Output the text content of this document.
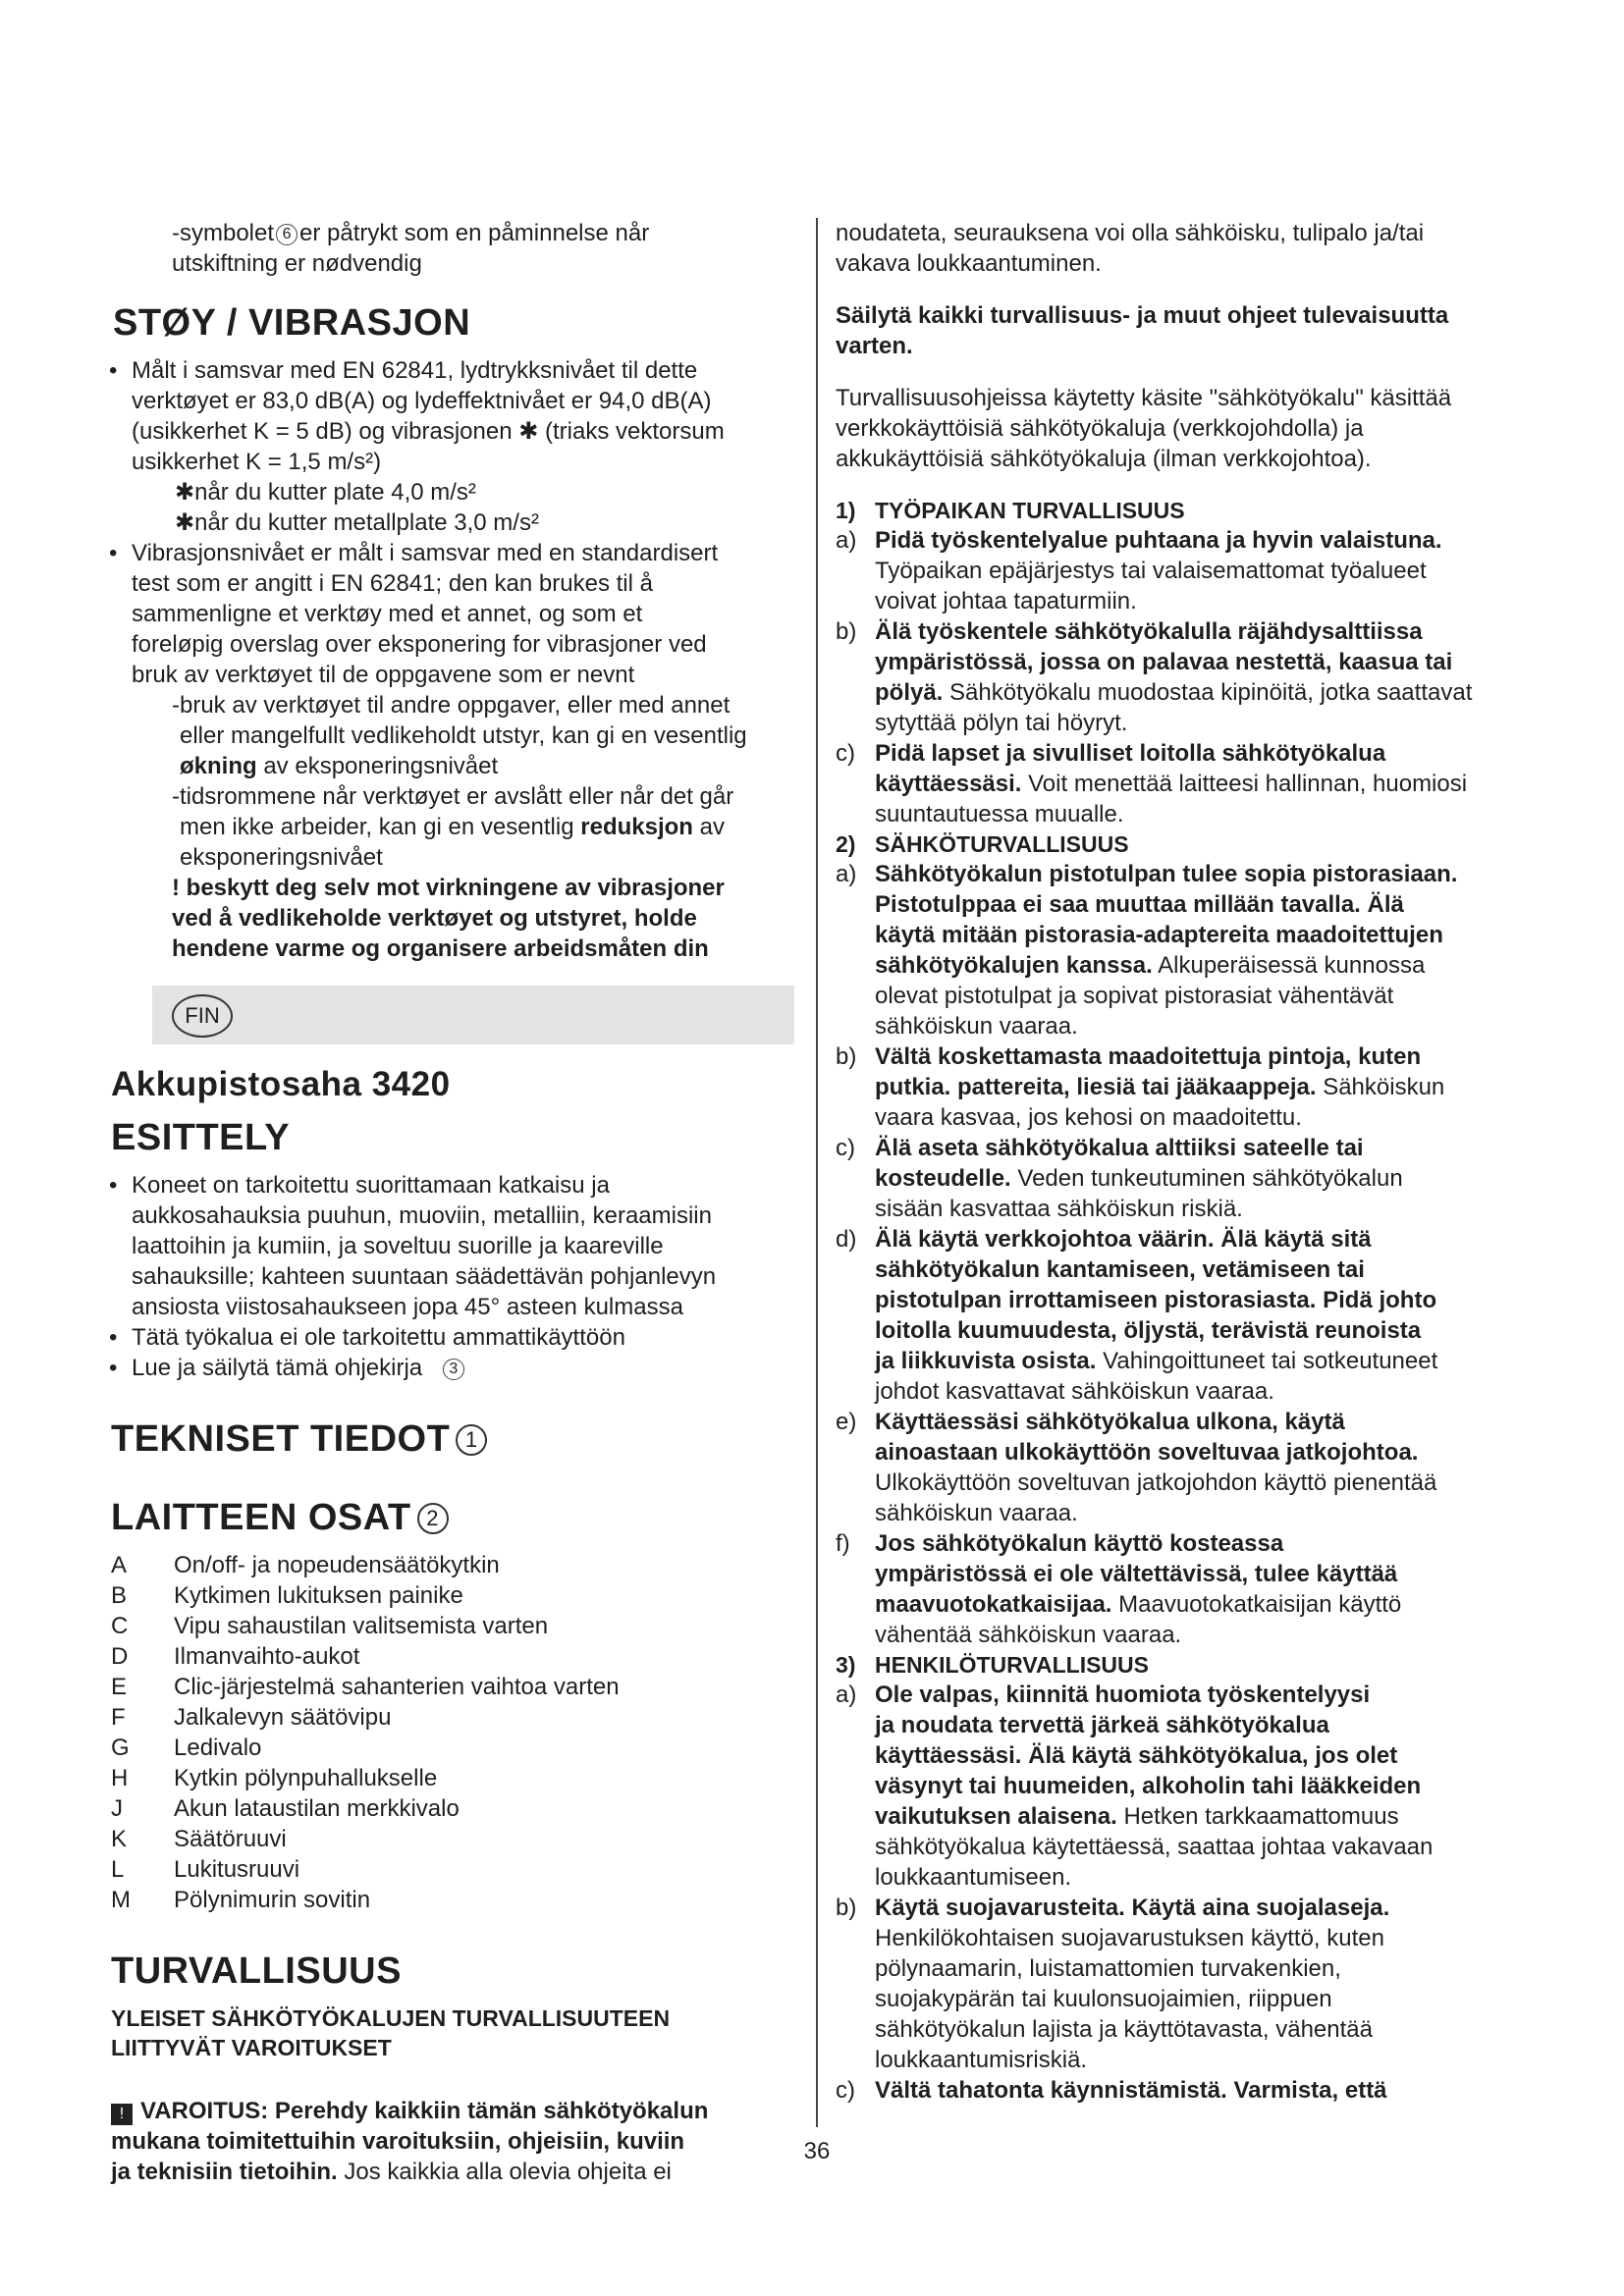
-symbolet 6 er påtrykt som en påminnelse når
utskiftning er nødvendig

STØY / VIBRASJON
• Målt i samsvar med EN 62841, lydtrykksnivået til dette
verktøyet er 83,0 dB(A) og lydeffektnivået er 94,0 dB(A)
(usikkerhet K = 5 dB) og vibrasjonen ✱ (triaks vektorsum
usikkerhet K = 1,5 m/s²)

✱når du kutter plate 4,0 m/s²

✱når du kutter metallplate 3,0 m/s²

• Vibrasjonsnivået er målt i samsvar med en standardisert
test som er angitt i EN 62841; den kan brukes til å
sammenligne et verktøy med et annet, og som et
foreløpig overslag over eksponering for vibrasjoner ved
bruk av verktøyet til de oppgavene som er nevnt

-bruk av verktøyet til andre oppgaver, eller med annet
eller mangelfullt vedlikeholdt utstyr, kan gi en vesentlig
økning av eksponeringsnivået

-tidsrommene når verktøyet er avslått eller når det går
men ikke arbeider, kan gi en vesentlig reduksjon av
eksponeringsnivået

! beskytt deg selv mot virkningene av vibrasjoner
ved å vedlikeholde verktøyet og utstyret, holde
hendene varme og organisere arbeidsmåten din

FIN
Akkupistosaha 3420
ESITTELY
• Koneet on tarkoitettu suorittamaan katkaisu ja
aukkosahauksia puuhun, muoviin, metalliin, keraamisiin
laattoihin ja kumiin, ja soveltuu suorille ja kaareville
sahauksille; kahteen suuntaan säädettävän pohjanlevyn
ansiosta viistosahaukseen jopa 45° asteen kulmassa
• Tätä työkalua ei ole tarkoitettu ammattikäyttöön
• Lue ja säilytä tämä ohjekirja 3
TEKNISET TIEDOT 1
LAITTEEN OSAT 2
A	On/off- ja nopeudensäätökytkin
B	Kytkimen lukituksen painike
C	Vipu sahaustilan valitsemista varten
D	Ilmanvaihto-aukot
E	Clic-järjestelmä sahanterien vaihtoa varten
F	Jalkalevyn säätövipu
G	Ledivalo
H	Kytkin pölynpuhallukselle
J	Akun lataustilan merkkivalo
K	Säätöruuvi
L	Lukitusruuvi
M	Pölynimurin sovitin
TURVALLISUUS
YLEISET SÄHKÖTYÖKALUJEN TURVALLISUUTEEN
LIITTYVÄT VAROITUKSET

! VAROITUS: Perehdy kaikkiin tämän sähkötyökalun
mukana toimitettuihin varoituksiin, ohjeisiin, kuviin
ja teknisiin tietoihin. Jos kaikkia alla olevia ohjeita ei

noudateta, seurauksena voi olla sähköisku, tulipalo ja/tai
vakava loukkaantuminen.

Säilytä kaikki turvallisuus- ja muut ohjeet tulevaisuutta
varten.

Turvallisuusohjeissa käytetty käsite "sähkötyökalu" käsittää
verkkokäyttöisiä sähkötyökaluja (verkkojohdolla) ja
akkukäyttöisiä sähkötyökaluja (ilman verkkojohtoa).

1) TYÖPAIKAN TURVALLISUUS
a) Pidä työskentelyalue puhtaana ja hyvin valaistuna. Työpaikan epäjärjestys tai valaisemattomat työalueet
voivat johtaa tapaturmiin.
b) Älä työskentele sähkötyökalulla räjähdysalttiissa
ympäristössä, jossa on palavaa nestettä, kaasua tai
pölyä. Sähkötyökalu muodostaa kipinöitä, jotka saattavat
sytyttää pölyn tai höyryt.
c) Pidä lapset ja sivulliset loitolla sähkötyökalua
käyttäessäsi. Voit menettää laitteesi hallinnan, huomiosi
suuntautuessa muualle.
2) SÄHKÖTURVALLISUUS
a) Sähkötyökalun pistotulpan tulee sopia pistorasiaan.
Pistotulppaa ei saa muuttaa millään tavalla. Älä
käytä mitään pistorasia-adaptereita maadoitettujen
sähkötyökalujen kanssa. Alkuperäisessä kunnossa
olevat pistotulpat ja sopivat pistorasiat vähentävät
sähköiskun vaaraa.
b) Vältä koskettamasta maadoitettuja pintoja, kuten
putkia. pattereita, liesiä tai jääkaappeja. Sähköiskun
vaara kasvaa, jos kehosi on maadoitettu.
c) Älä aseta sähkötyökalua alttiiksi sateelle tai
kosteudelle. Veden tunkeutuminen sähkötyökalun
sisään kasvattaa sähköiskun riskiä.
d) Älä käytä verkkojohtoa väärin. Älä käytä sitä
sähkötyökalun kantamiseen, vetämiseen tai
pistotulpan irrottamiseen pistorasiasta. Pidä johto
loitolla kuumuudesta, öljystä, terävistä reunoista
ja liikkuvista osista. Vahingoittuneet tai sotkeutuneet
johdot kasvattavat sähköiskun vaaraa.
e) Käyttäessäsi sähkötyökalua ulkona, käytä
ainoastaan ulkokäyttöön soveltuvaa jatkojohtoa. Ulkokäyttöön soveltuvan jatkojohdon käyttö pienentää
sähköiskun vaaraa.
f)	Jos sähkötyökalun käyttö kosteassa
ympäristössä ei ole vältettävissä, tulee käyttää
maavuotokatkaisijaa. Maavuotokatkaisijan käyttö
vähentää sähköiskun vaaraa.
3) HENKILÖTURVALLISUUS
a) Ole valpas, kiinnitä huomiota työskentelyysi
ja noudata tervettä järkeä sähkötyökalua
käyttäessäsi. Älä käytä sähkötyökalua, jos olet
väsynyt tai huumeiden, alkoholin tahi lääkkeiden
vaikutuksen alaisena. Hetken tarkkaamattomuus
sähkötyökalua käytettäessä, saattaa johtaa vakavaan
loukkaantumiseen.
b) Käytä suojavarusteita. Käytä aina suojalaseja. Henkilökohtaisen suojavarustuksen käyttö, kuten
pölynaamarin, luistamattomien turvakenkien,
suojakypärän tai kuulonsuojaimien, riippuen
sähkötyökalun lajista ja käyttötavasta, vähentää
loukkaantumisriskiä.
c) Vältä tahatonta käynnistämistä. Varmista, että
36
